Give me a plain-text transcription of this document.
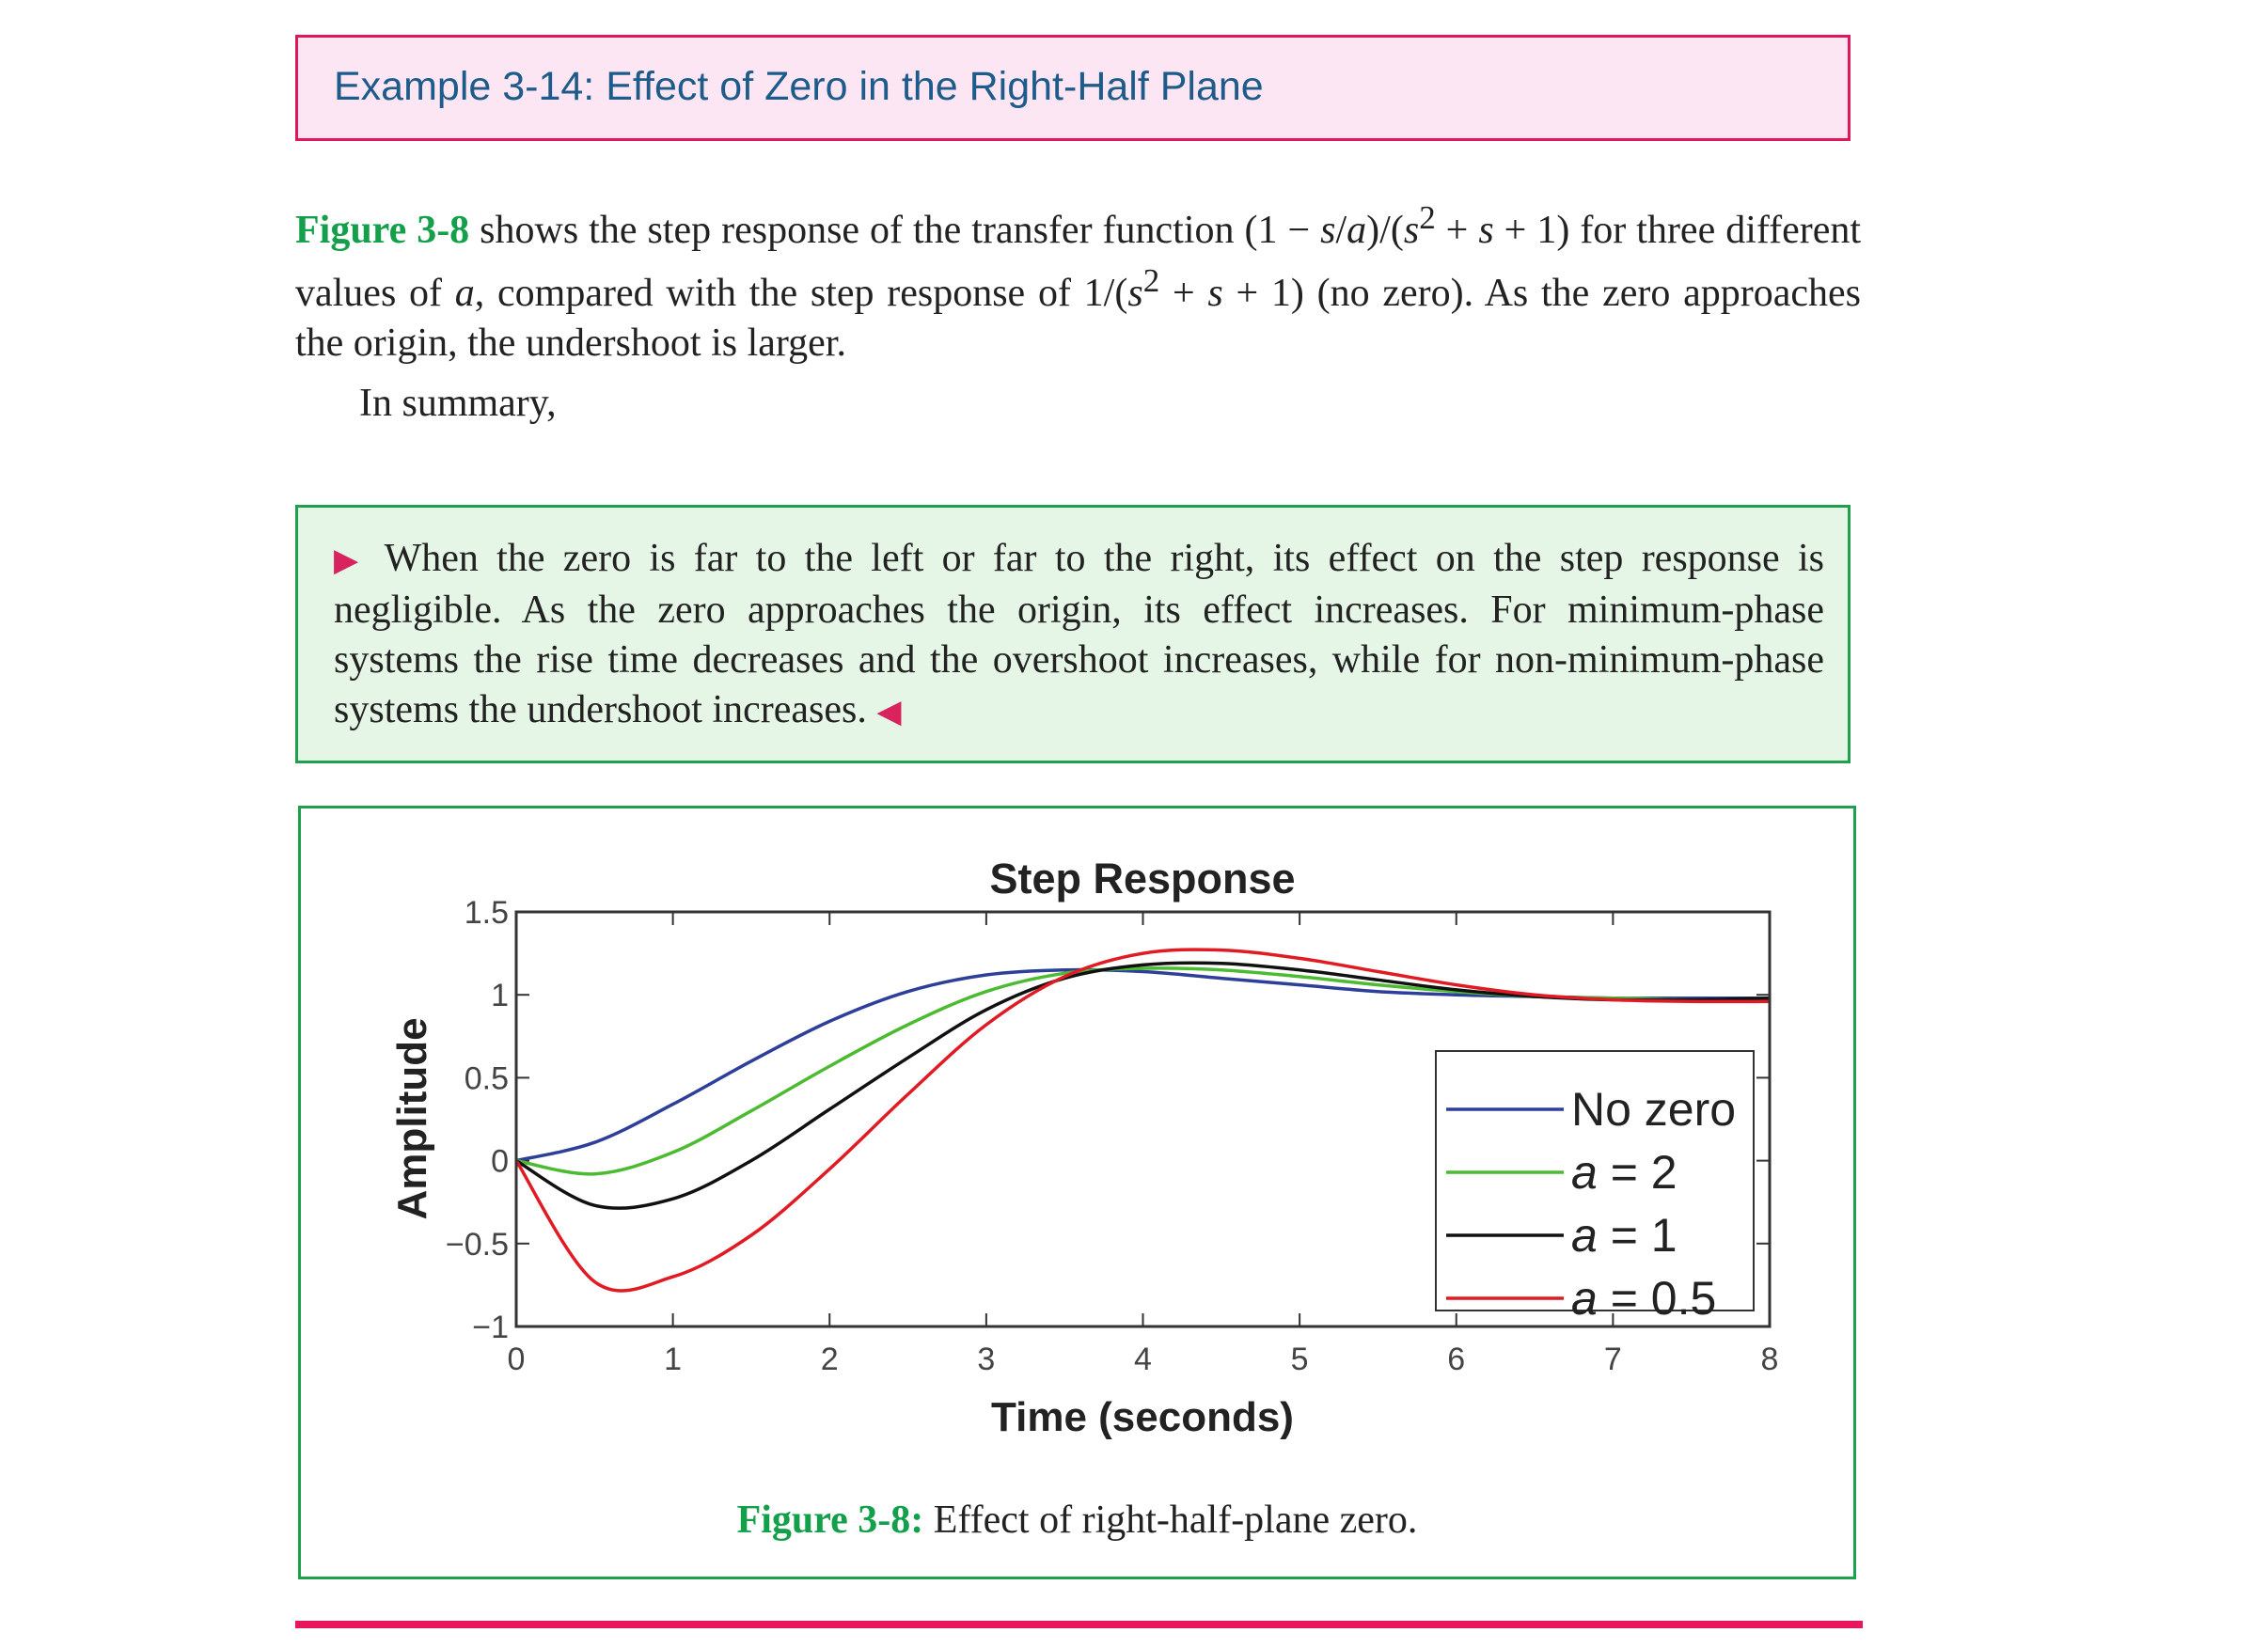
Example 3-14: Effect of Zero in the Right-Half Plane
Figure 3-8 shows the step response of the transfer function $(1 - s/a)/(s^2 + s + 1)$ for three different values of a, compared with the step response of $1/(s^2 + s + 1)$ (no zero). As the zero approaches the origin, the undershoot is larger.
In summary,
▶ When the zero is far to the left or far to the right, its effect on the step response is negligible. As the zero approaches the origin, its effect increases. For minimum-phase systems the rise time decreases and the overshoot increases, while for non-minimum-phase systems the undershoot increases. ◀
0	1	2	3	4	5	6	7	8
1.5
1
0.5
0
−0.5
−1
Step Response
Time (seconds)
Amplitude	No zero
a = 2
a = 1
a = 0.5
Figure 3-8: Effect of right-half-plane zero.
